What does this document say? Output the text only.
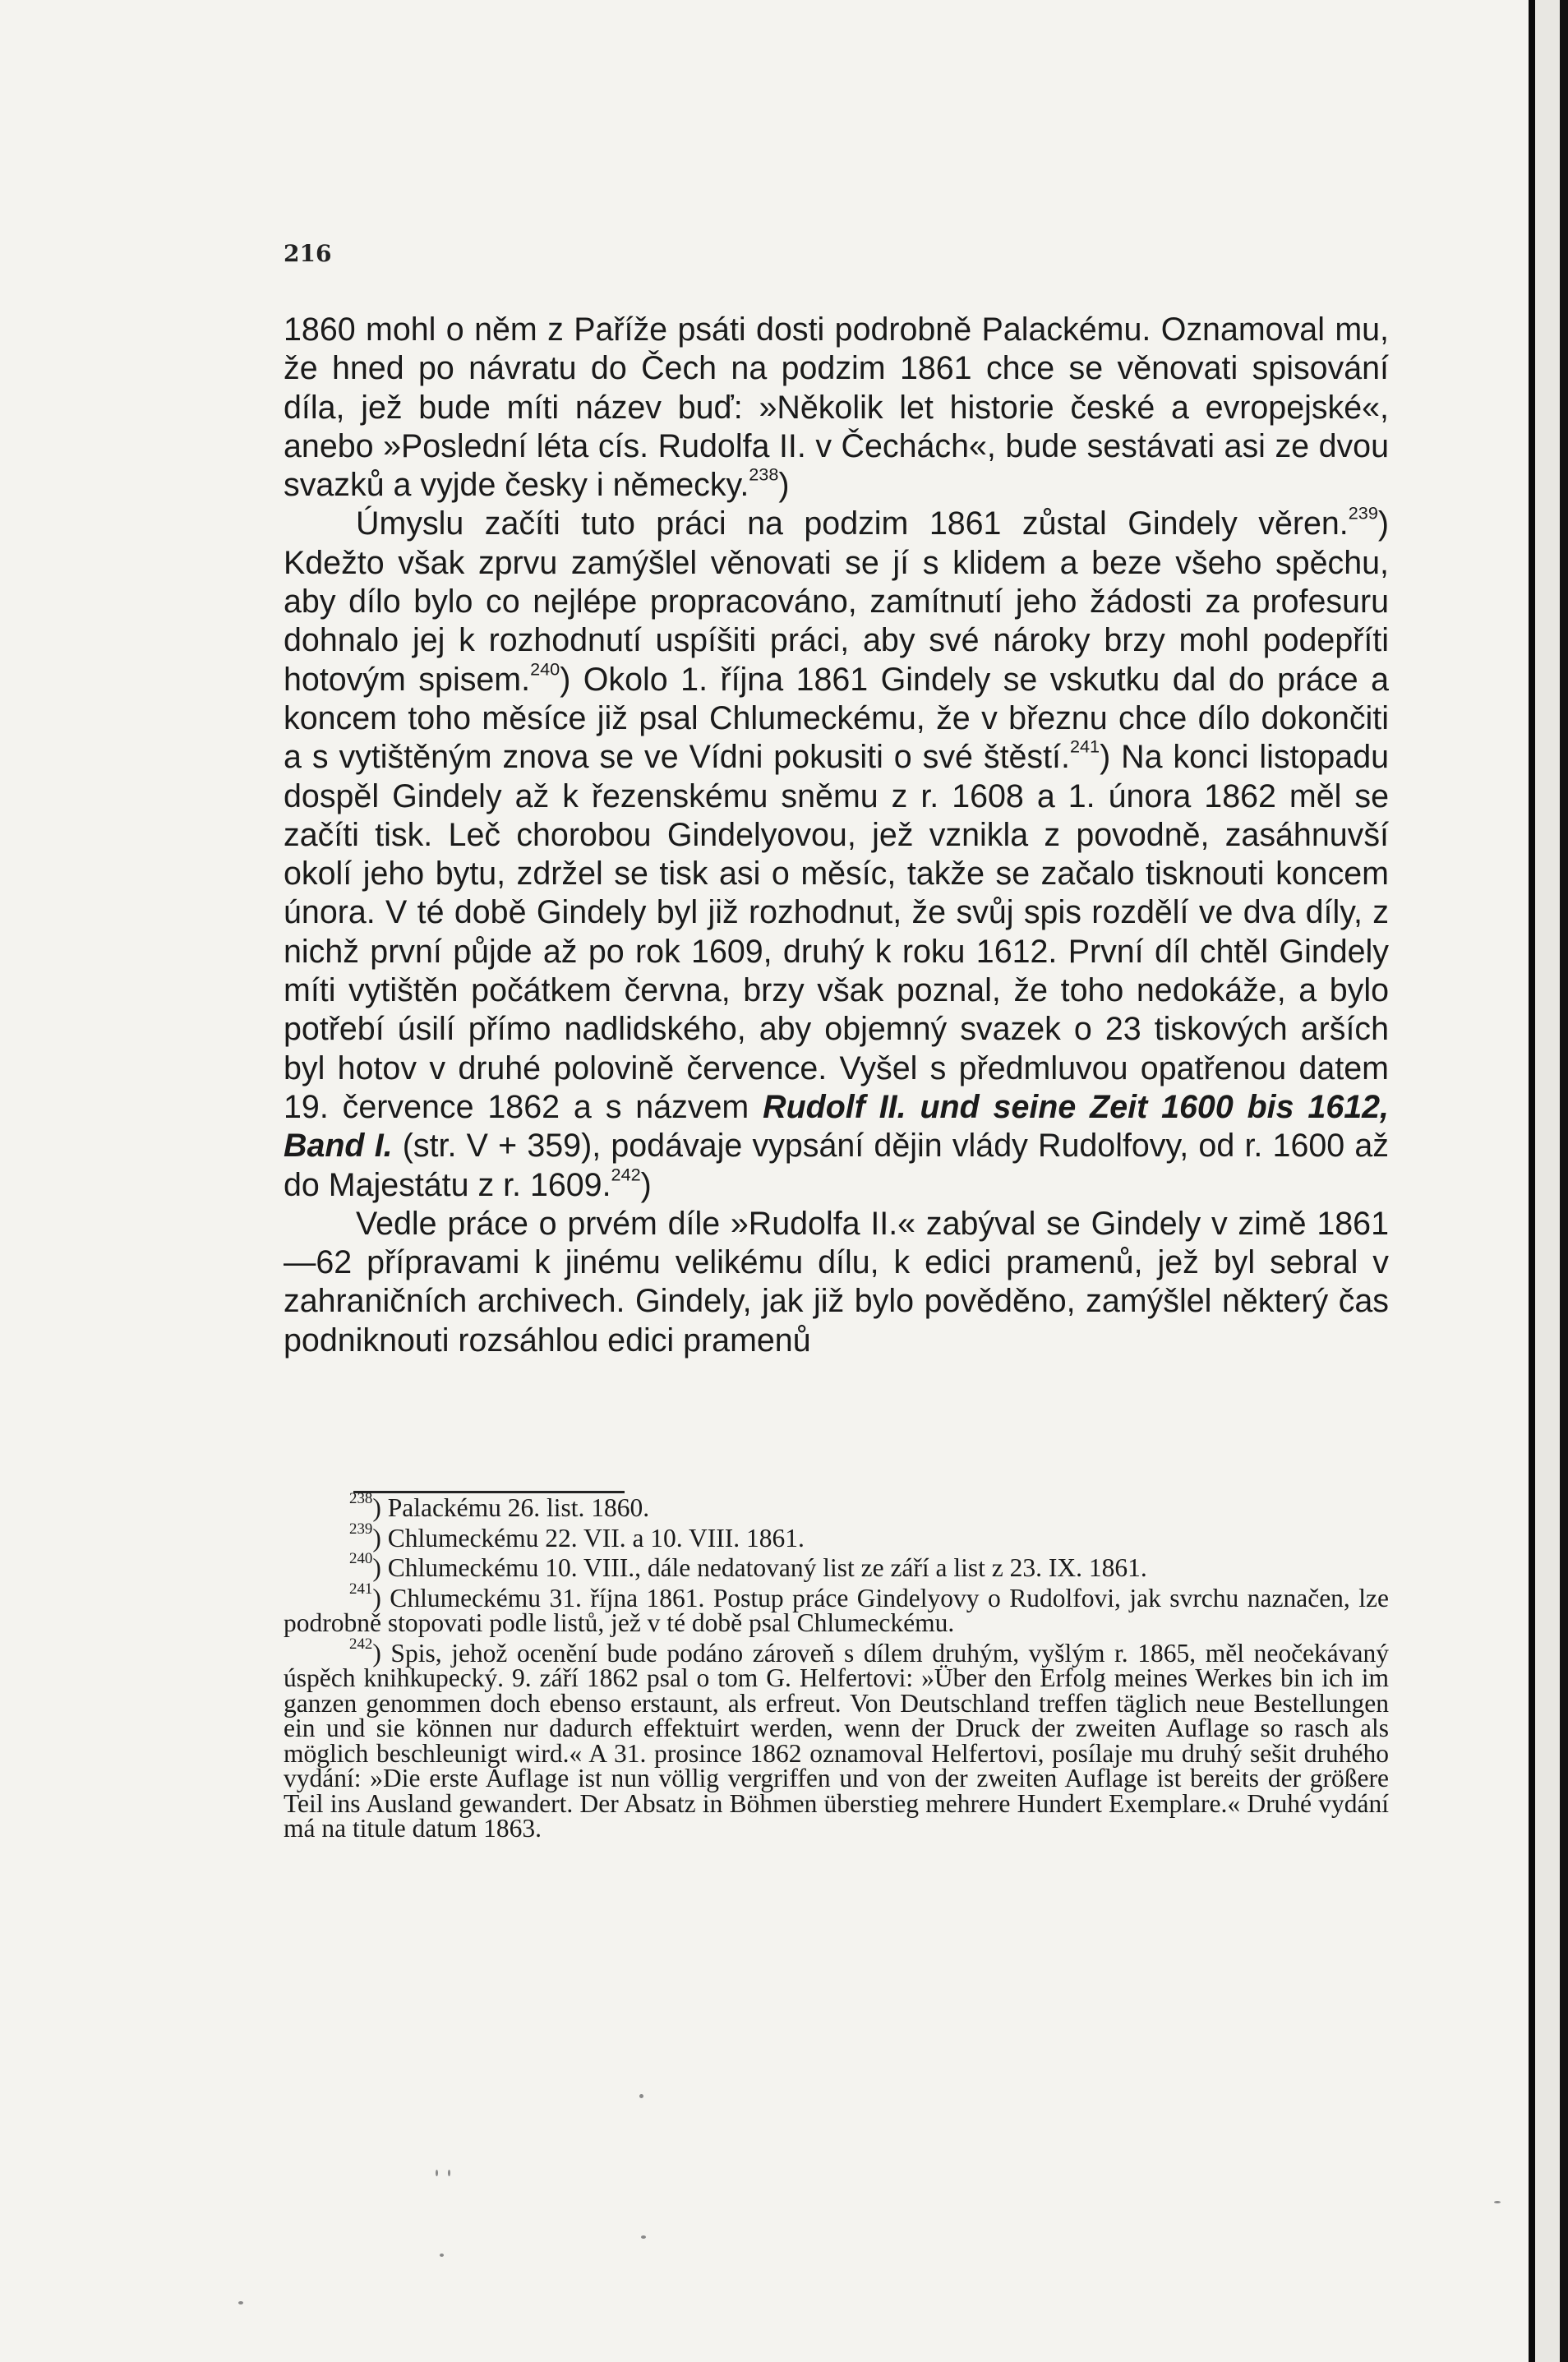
216

1860 mohl o něm z Paříže psáti dosti podrobně Palackému. Oznamoval mu, že hned po návratu do Čech na podzim 1861 chce se věnovati spisování díla, jež bude míti název buď: »Několik let historie české a evropejské«, anebo »Poslední léta cís. Rudolfa II. v Čechách«, bude sestávati asi ze dvou svazků a vyjde česky i německy.$^{238}$)

Úmyslu začíti tuto práci na podzim 1861 zůstal Gindely věren.$^{239}$) Kdežto však zprvu zamýšlel věnovati se jí s klidem a beze všeho spěchu, aby dílo bylo co nejlépe propracováno, zamítnutí jeho žádosti za profesuru dohnalo jej k rozhodnutí uspíšiti práci, aby své nároky brzy mohl podepříti hotovým spisem.$^{240}$) Okolo 1. října 1861 Gindely se vskutku dal do práce a koncem toho měsíce již psal Chlumeckému, že v březnu chce dílo dokončiti a s vytištěným znova se ve Vídni pokusiti o své štěstí.$^{241}$) Na konci listopadu dospěl Gindely až k řezenskému sněmu z r. 1608 a 1. února 1862 měl se začíti tisk. Leč chorobou Gindelyovou, jež vznikla z povodně, zasáhnuvší okolí jeho bytu, zdržel se tisk asi o měsíc, takže se začalo tisknouti koncem února. V té době Gindely byl již rozhodnut, že svůj spis rozdělí ve dva díly, z nichž první půjde až po rok 1609, druhý k roku 1612. První díl chtěl Gindely míti vytištěn počátkem června, brzy však poznal, že toho nedokáže, a bylo potřebí úsilí přímo nadlidského, aby objemný svazek o 23 tiskových arších byl hotov v druhé polovině července. Vyšel s předmluvou opatřenou datem 19. července 1862 a s názvem Rudolf II. und seine Zeit 1600 bis 1612, Band I. (str. V + 359), podávaje vypsání dějin vlády Rudolfovy, od r. 1600 až do Majestátu z r. 1609.$^{242}$)

Vedle práce o prvém díle »Rudolfa II.« zabýval se Gindely v zimě 1861—62 přípravami k jinému velikému dílu, k edici pramenů, jež byl sebral v zahraničních archivech. Gindely, jak již bylo pověděno, zamýšlel některý čas podniknouti rozsáhlou edici pramenů

$^{238}$) Palackému 26. list. 1860.

$^{239}$) Chlumeckému 22. VII. a 10. VIII. 1861.

$^{240}$) Chlumeckému 10. VIII., dále nedatovaný list ze září a list z 23. IX. 1861.

$^{241}$) Chlumeckému 31. října 1861. Postup práce Gindelyovy o Rudolfovi, jak svrchu naznačen, lze podrobně stopovati podle listů, jež v té době psal Chlumeckému.

$^{242}$) Spis, jehož ocenění bude podáno zároveň s dílem druhým, vyšlým r. 1865, měl neočekávaný úspěch knihkupecký. 9. září 1862 psal o tom G. Helfertovi: »Über den Erfolg meines Werkes bin ich im ganzen genommen doch ebenso erstaunt, als erfreut. Von Deutschland treffen täglich neue Bestellungen ein und sie können nur dadurch effektuirt werden, wenn der Druck der zweiten Auflage so rasch als möglich beschleunigt wird.« A 31. prosince 1862 oznamoval Helfertovi, posílaje mu druhý sešit druhého vydání: »Die erste Auflage ist nun völlig vergriffen und von der zweiten Auflage ist bereits der größere Teil ins Ausland gewandert. Der Absatz in Böhmen überstieg mehrere Hundert Exemplare.« Druhé vydání má na titule datum 1863.
